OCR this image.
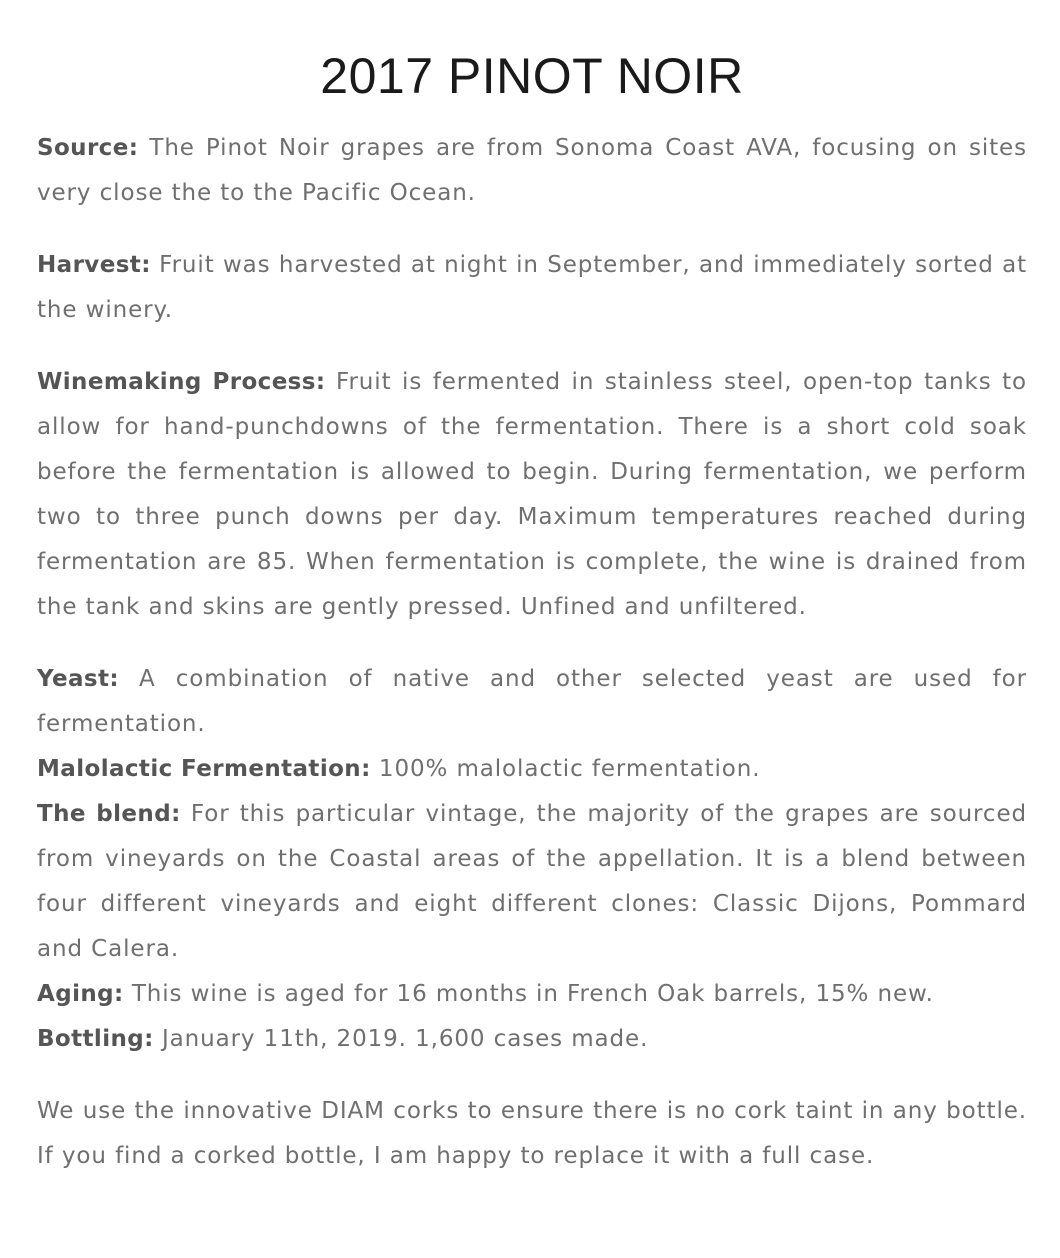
2017 PINOT NOIR

Source: The Pinot Noir grapes are from Sonoma Coast AVA, focusing on sites very close the to the Pacific Ocean.

Harvest: Fruit was harvested at night in September, and immediately sorted at the winery.

Winemaking Process: Fruit is fermented in stainless steel, open-top tanks to allow for hand-punchdowns of the fermentation. There is a short cold soak before the fermentation is allowed to begin. During fermentation, we perform two to three punch downs per day. Maximum temperatures reached during fermentation are 85. When fermentation is complete, the wine is drained from the tank and skins are gently pressed. Unfined and unfiltered.

Yeast: A combination of native and other selected yeast are used for fermentation.

Malolactic Fermentation: 100% malolactic fermentation.

The blend: For this particular vintage, the majority of the grapes are sourced from vineyards on the Coastal areas of the appellation. It is a blend between four different vineyards and eight different clones: Classic Dijons, Pommard and Calera.

Aging: This wine is aged for 16 months in French Oak barrels, 15% new.

Bottling: January 11th, 2019. 1,600 cases made.

We use the innovative DIAM corks to ensure there is no cork taint in any bottle. If you find a corked bottle, I am happy to replace it with a full case.
